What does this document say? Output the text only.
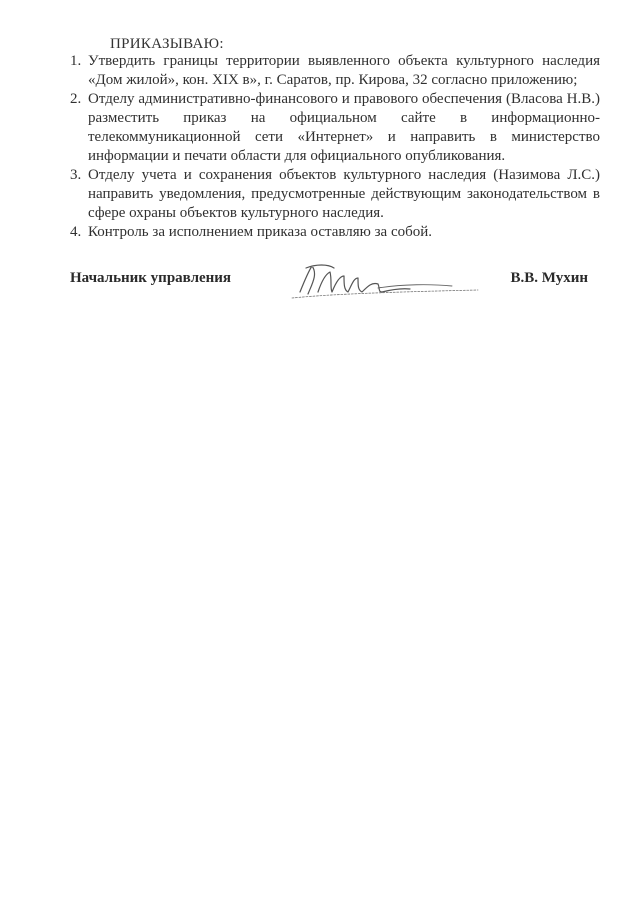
ПРИКАЗЫВАЮ:
1. Утвердить границы территории выявленного объекта культурного наследия «Дом жилой», кон. XIX в», г. Саратов, пр. Кирова, 32 согласно приложению;
2. Отделу административно-финансового и правового обеспечения (Власова Н.В.) разместить приказ на официальном сайте в информационно-телекоммуникационной сети «Интернет» и направить в министерство информации и печати области для официального опубликования.
3. Отделу учета и сохранения объектов культурного наследия (Назимова Л.С.) направить уведомления, предусмотренные действующим законодательством в сфере охраны объектов культурного наследия.
4. Контроль за исполнением приказа оставляю за собой.
Начальник управления	В.В. Мухин
